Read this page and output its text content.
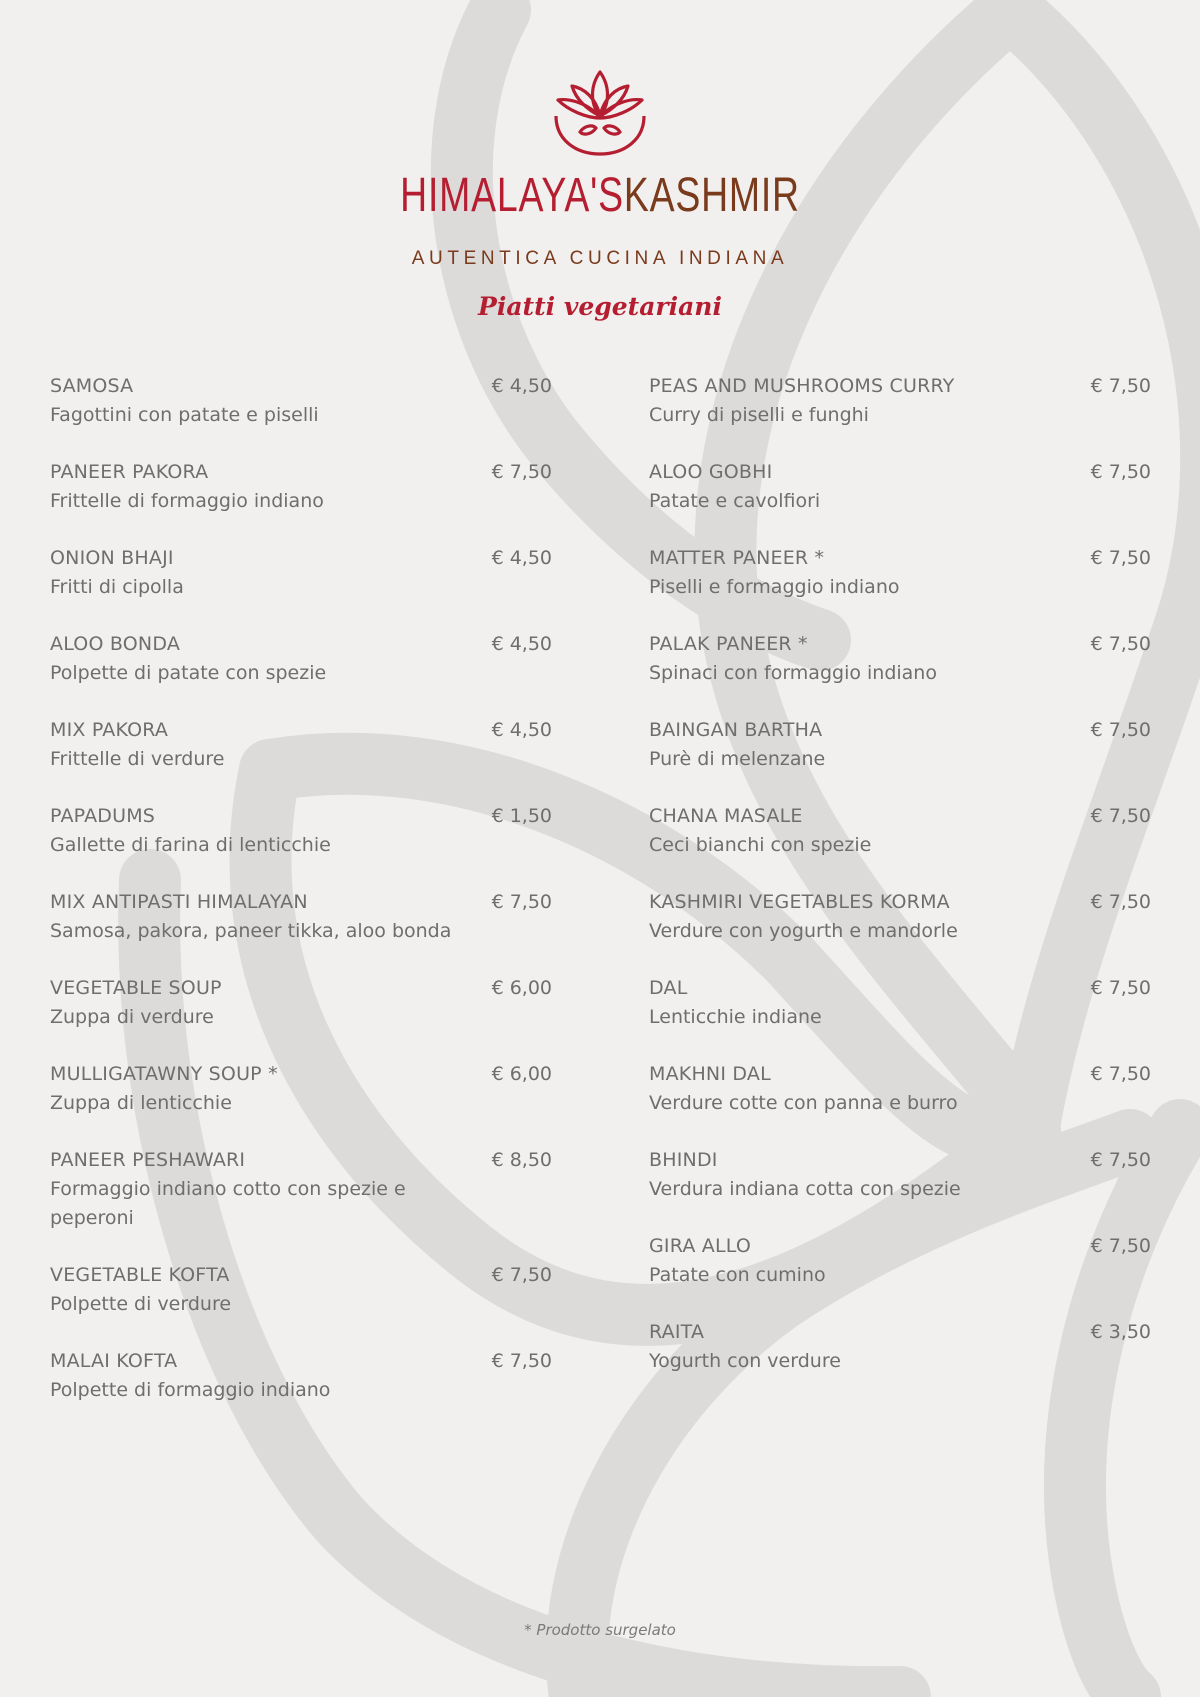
HIMALAYA'SKASHMIR
AUTENTICA CUCINA INDIANA
Piatti vegetariani
SAMOSA	€ 4,50
Fagottini con patate e piselli
PANEER PAKORA	€ 7,50
Frittelle di formaggio indiano
ONION BHAJI	€ 4,50
Fritti di cipolla
ALOO BONDA	€ 4,50
Polpette di patate con spezie
MIX PAKORA	€ 4,50
Frittelle di verdure
PAPADUMS	€ 1,50
Gallette di farina di lenticchie
MIX ANTIPASTI HIMALAYAN	€ 7,50
Samosa, pakora, paneer tikka, aloo bonda
VEGETABLE SOUP	€ 6,00
Zuppa di verdure
MULLIGATAWNY SOUP *	€ 6,00
Zuppa di lenticchie
PANEER PESHAWARI	€ 8,50
Formaggio indiano cotto con spezie e peperoni
VEGETABLE KOFTA	€ 7,50
Polpette di verdure
MALAI KOFTA	€ 7,50
Polpette di formaggio indiano
PEAS AND MUSHROOMS CURRY	€ 7,50
Curry di piselli e funghi
ALOO GOBHI	€ 7,50
Patate e cavolfiori
MATTER PANEER *	€ 7,50
Piselli e formaggio indiano
PALAK PANEER *	€ 7,50
Spinaci con formaggio indiano
BAINGAN BARTHA	€ 7,50
Purè di melenzane
CHANA MASALE	€ 7,50
Ceci bianchi con spezie
KASHMIRI VEGETABLES KORMA	€ 7,50
Verdure con yogurth e mandorle
DAL	€ 7,50
Lenticchie indiane
MAKHNI DAL	€ 7,50
Verdure cotte con panna e burro
BHINDI	€ 7,50
Verdura indiana cotta con spezie
GIRA ALLO	€ 7,50
Patate con cumino
RAITA	€ 3,50
Yogurth con verdure
* Prodotto surgelato
